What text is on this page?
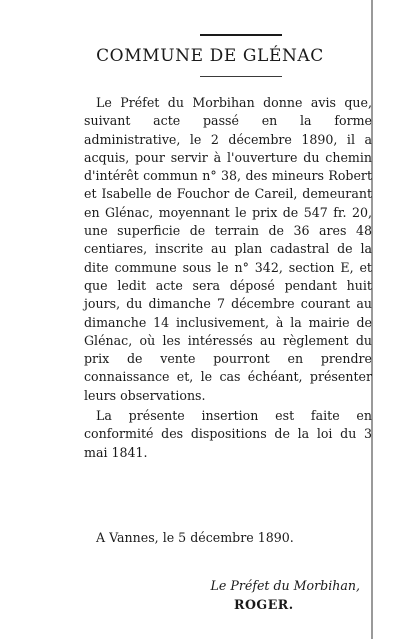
COMMUNE DE GLÉNAC

Le Préfet du Morbihan donne avis que, suivant acte passé en la forme administrative, le 2 décembre 1890, il a acquis, pour servir à l'ouverture du chemin d'intérêt commun n° 38, des mineurs Robert et Isabelle de Fouchor de Careil, demeurant en Glénac, moyennant le prix de 547 fr. 20, une superficie de terrain de 36 ares 48 centiares, inscrite au plan cadastral de la dite commune sous le n° 342, section E, et que ledit acte sera déposé pendant huit jours, du dimanche 7 décembre courant au dimanche 14 inclusivement, à la mairie de Glénac, où les intéressés au règlement du prix de vente pourront en prendre connaissance et, le cas échéant, présenter leurs observations.

La présente insertion est faite en conformité des dispositions de la loi du 3 mai 1841.

A Vannes, le 5 décembre 1890.
Le Préfet du Morbihan,
ROGER.
